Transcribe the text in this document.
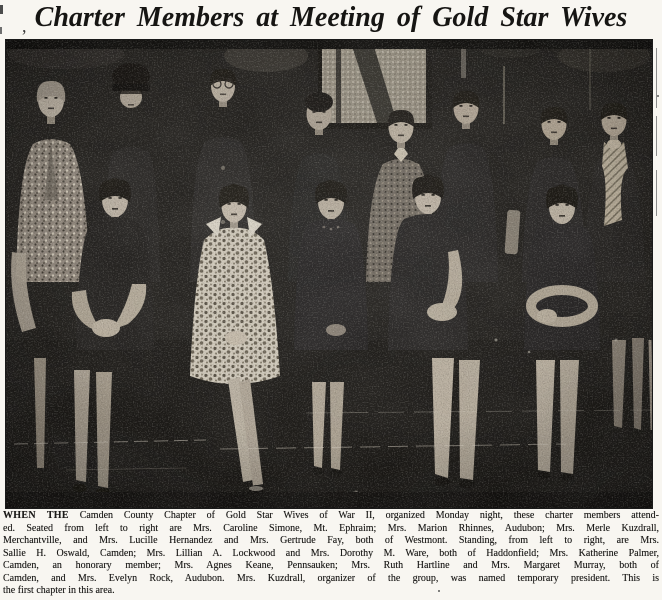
Charter Members at Meeting of Gold Star Wives
,
WHEN THE Camden County Chapter of Gold Star Wives of War II, organized Monday night, these charter members attend-
ed. Seated from left to right are Mrs. Caroline Simone, Mt. Ephraim; Mrs. Marion Rhinnes, Audubon; Mrs. Merle Kuzdrall,
Merchantville, and Mrs. Lucille Hernandez and Mrs. Gertrude Fay, both of Westmont. Standing, from left to right, are Mrs.
Sallie H. Oswald, Camden; Mrs. Lillian A. Lockwood and Mrs. Dorothy M. Ware, both of Haddonfield; Mrs. Katherine Palmer,
Camden, an honorary member; Mrs. Agnes Keane, Pennsauken; Mrs. Ruth Hartline and Mrs. Margaret Murray, both of
Camden, and Mrs. Evelyn Rock, Audubon. Mrs. Kuzdrall, organizer of the group, was named temporary president. This is
the first chapter in this area.
